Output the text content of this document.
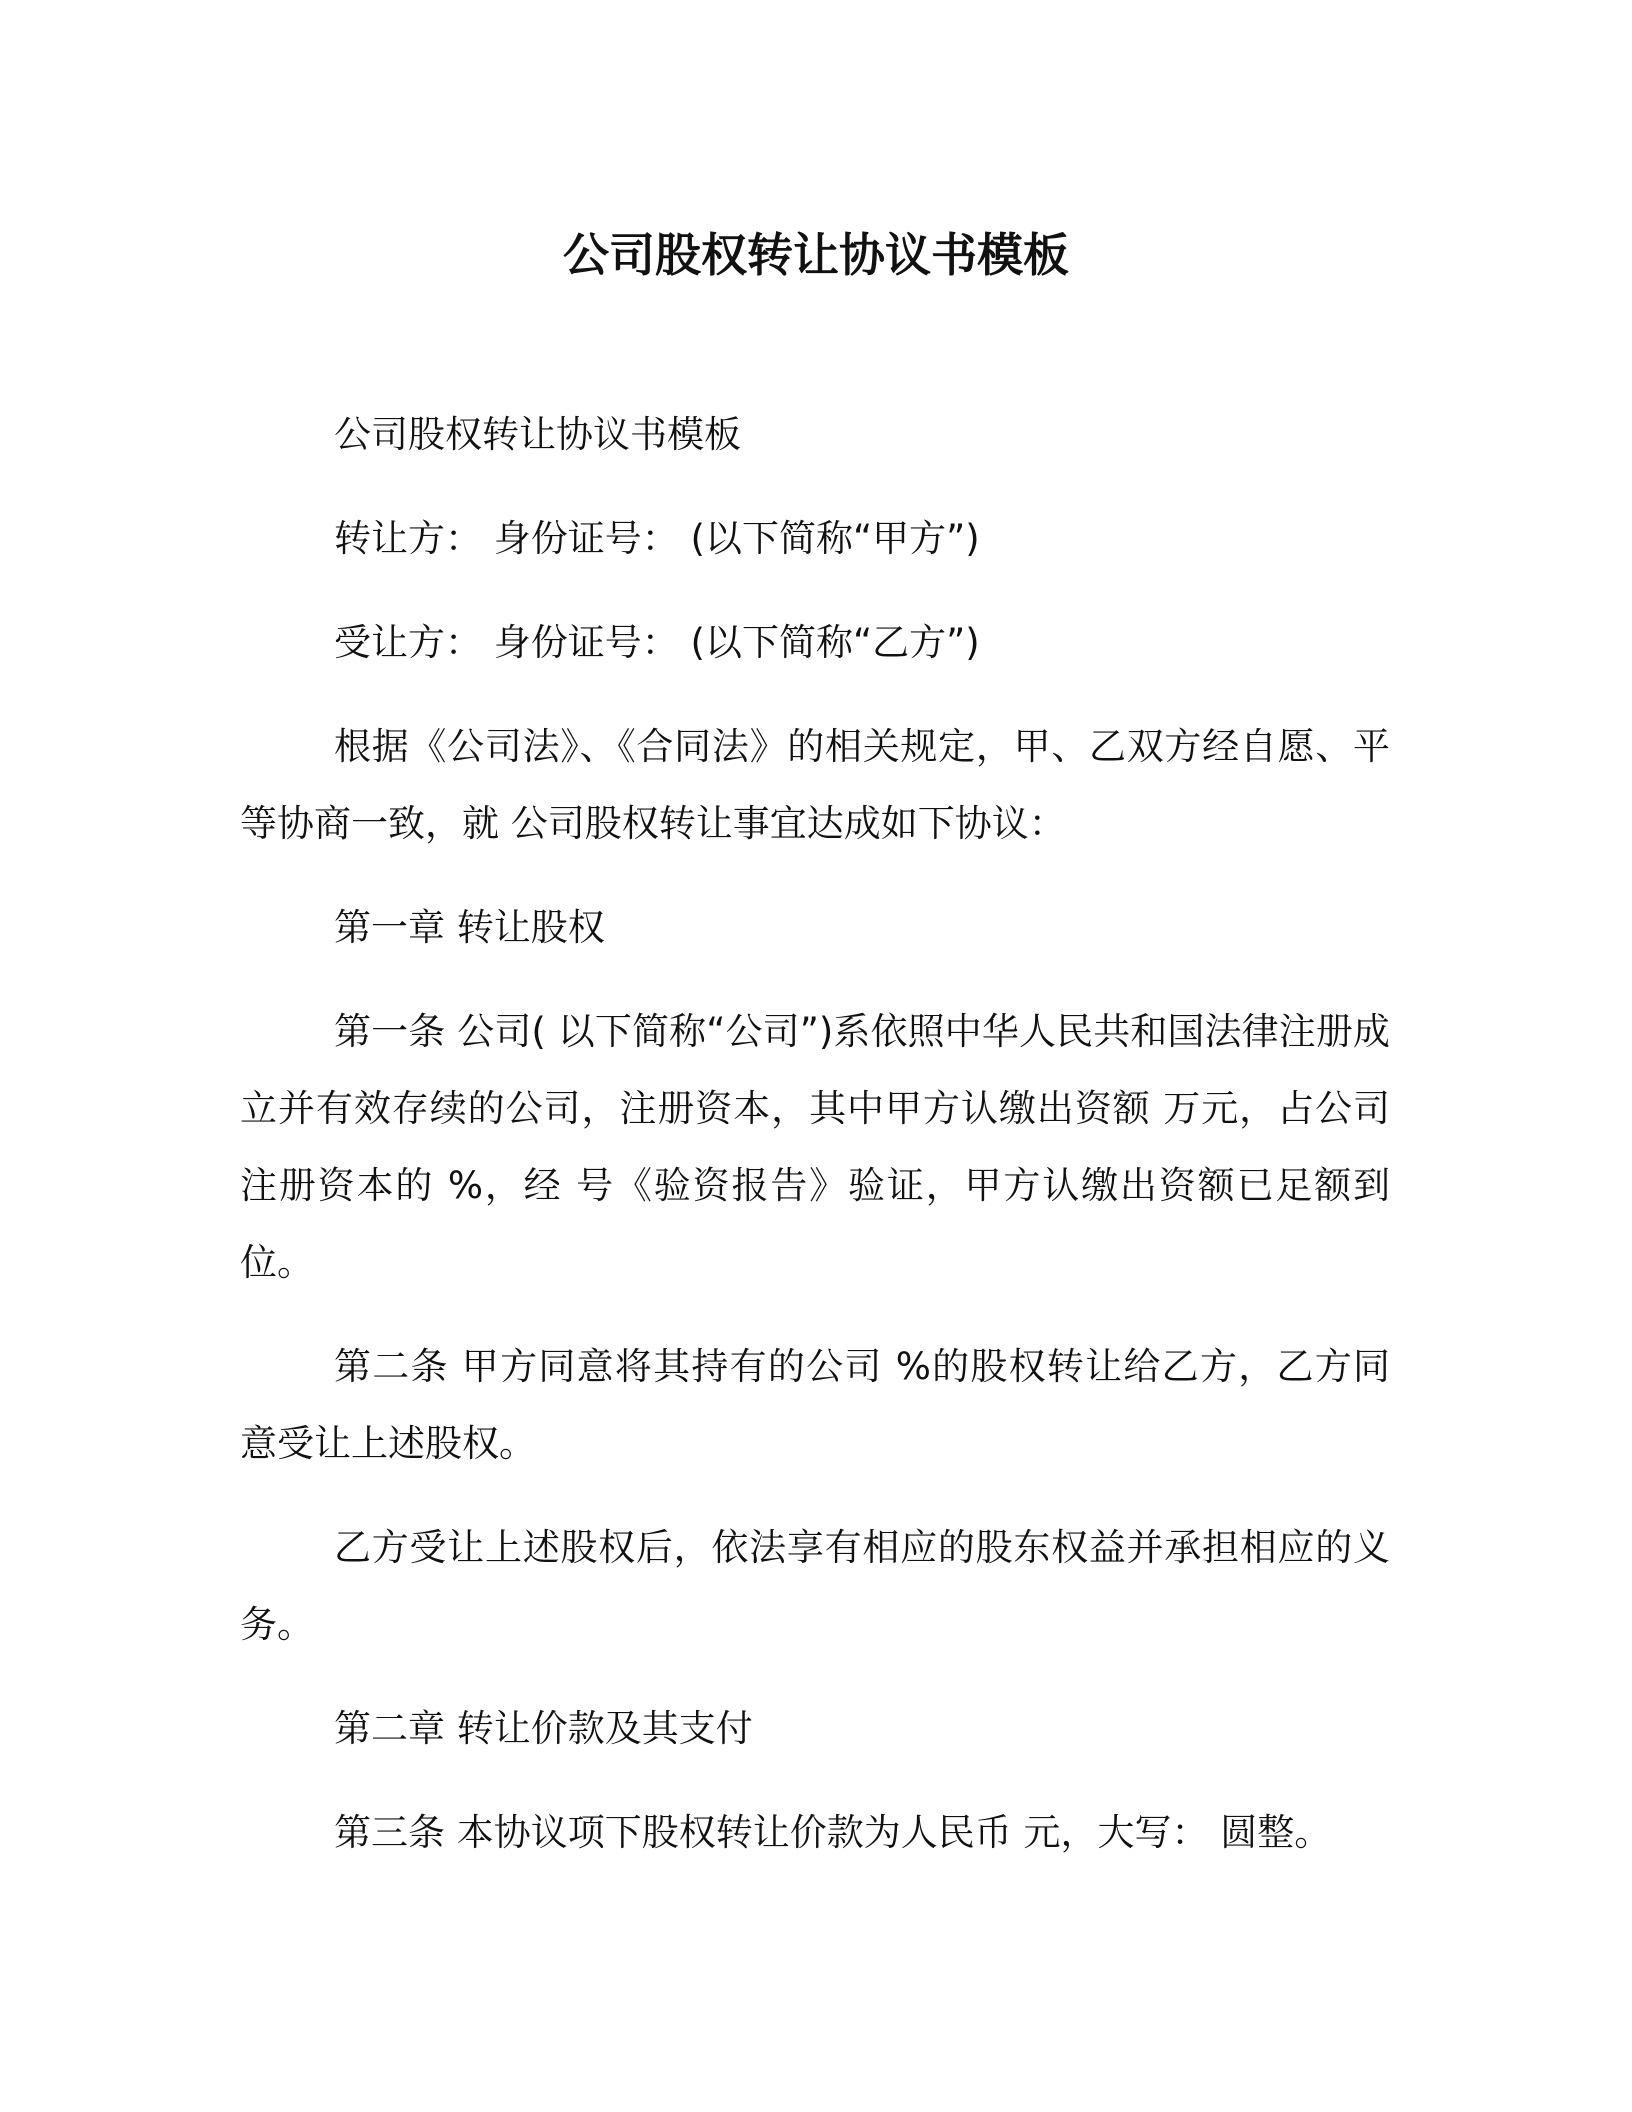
公司股权转让协议书模板

公司股权转让协议书模板

转让方： 身份证号： (以下简称“甲方”)

受让方： 身份证号： (以下简称“乙方”)

根据《公司法》、《合同法》的相关规定，甲、乙双方经自愿、平等协商一致，就 公司股权转让事宜达成如下协议：

第一章 转让股权

第一条 公司( 以下简称“公司”)系依照中华人民共和国法律注册成立并有效存续的公司，注册资本，其中甲方认缴出资额 万元，占公司注册资本的 %，经 号《验资报告》验证，甲方认缴出资额已足额到位。

第二条 甲方同意将其持有的公司 %的股权转让给乙方，乙方同意受让上述股权。

乙方受让上述股权后，依法享有相应的股东权益并承担相应的义务。

第二章 转让价款及其支付

第三条 本协议项下股权转让价款为人民币 元，大写： 圆整。
